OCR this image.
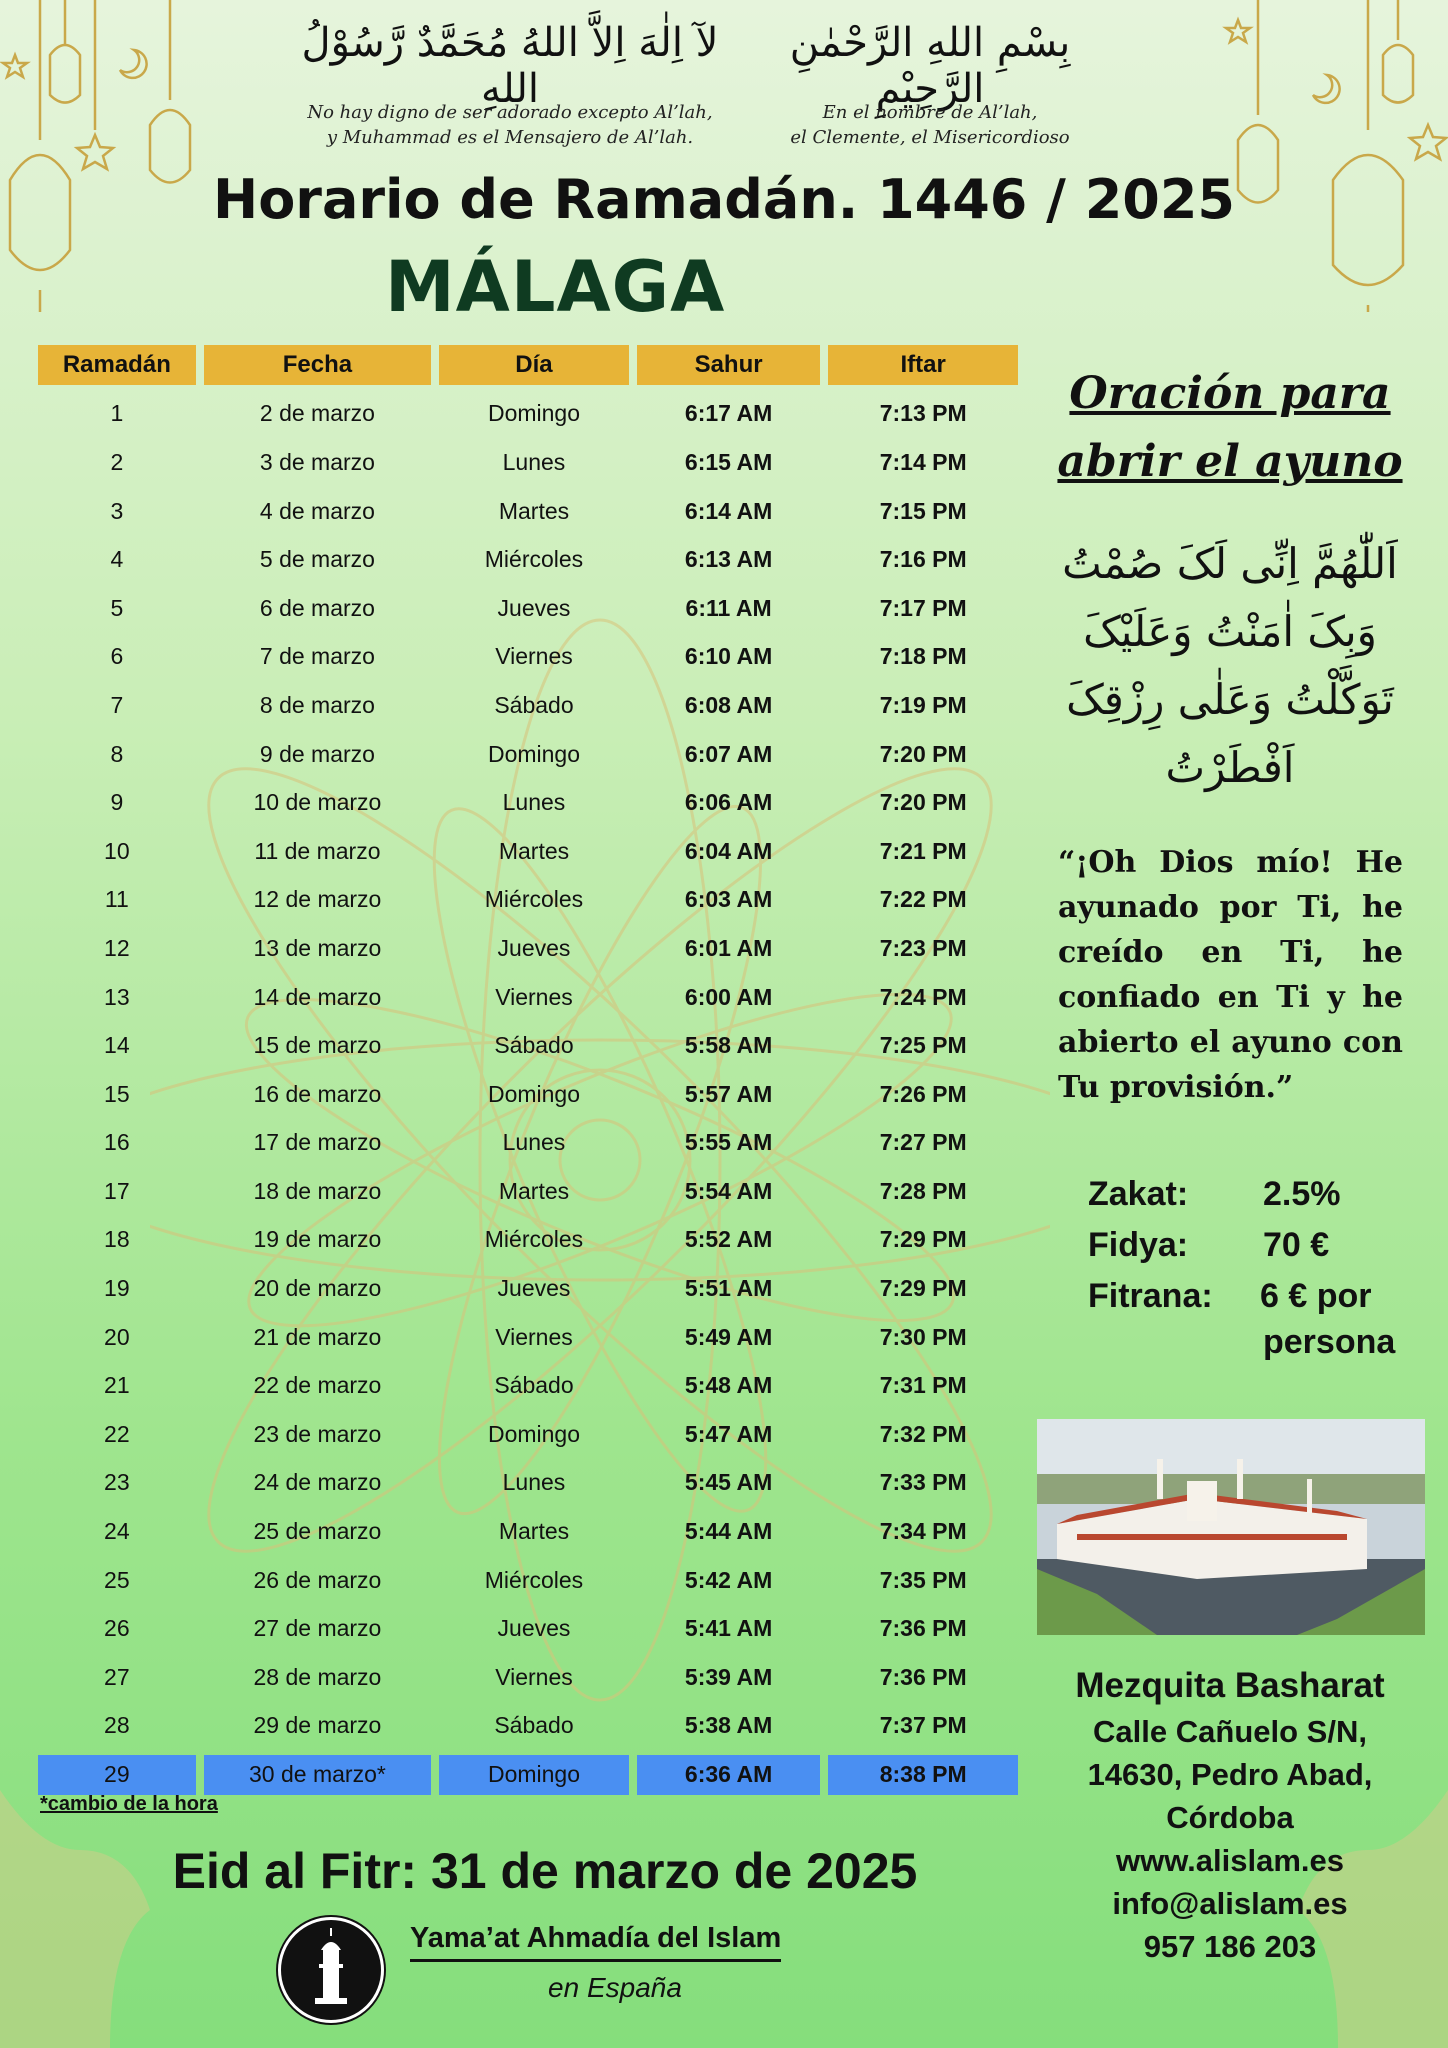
لآ اِلٰهَ اِلاَّ اللهُ مُحَمَّدٌ رَّسُوْلُ اللهِ
بِسْمِ اللهِ الرَّحْمٰنِ الرَّحِيْمِ
No hay digno de ser adorado excepto Al’lah,
y Muhammad es el Mensajero de Al’lah.
En el nombre de Al’lah,
el Clemente, el Misericordioso
Horario de Ramadán. 1446 / 2025
MÁLAGA
Ramadán	Fecha	Día	Sahur	Iftar
1	2 de marzo	Domingo	6:17 AM	7:13 PM
2	3 de marzo	Lunes	6:15 AM	7:14 PM
3	4 de marzo	Martes	6:14 AM	7:15 PM
4	5 de marzo	Miércoles	6:13 AM	7:16 PM
5	6 de marzo	Jueves	6:11 AM	7:17 PM
6	7 de marzo	Viernes	6:10 AM	7:18 PM
7	8 de marzo	Sábado	6:08 AM	7:19 PM
8	9 de marzo	Domingo	6:07 AM	7:20 PM
9	10 de marzo	Lunes	6:06 AM	7:20 PM
10	11 de marzo	Martes	6:04 AM	7:21 PM
11	12 de marzo	Miércoles	6:03 AM	7:22 PM
12	13 de marzo	Jueves	6:01 AM	7:23 PM
13	14 de marzo	Viernes	6:00 AM	7:24 PM
14	15 de marzo	Sábado	5:58 AM	7:25 PM
15	16 de marzo	Domingo	5:57 AM	7:26 PM
16	17 de marzo	Lunes	5:55 AM	7:27 PM
17	18 de marzo	Martes	5:54 AM	7:28 PM
18	19 de marzo	Miércoles	5:52 AM	7:29 PM
19	20 de marzo	Jueves	5:51 AM	7:29 PM
20	21 de marzo	Viernes	5:49 AM	7:30 PM
21	22 de marzo	Sábado	5:48 AM	7:31 PM
22	23 de marzo	Domingo	5:47 AM	7:32 PM
23	24 de marzo	Lunes	5:45 AM	7:33 PM
24	25 de marzo	Martes	5:44 AM	7:34 PM
25	26 de marzo	Miércoles	5:42 AM	7:35 PM
26	27 de marzo	Jueves	5:41 AM	7:36 PM
27	28 de marzo	Viernes	5:39 AM	7:36 PM
28	29 de marzo	Sábado	5:38 AM	7:37 PM
29	30 de marzo*	Domingo	6:36 AM	8:38 PM
*cambio de la hora
Eid al Fitr: 31 de marzo de 2025
Yama’at Ahmadía del Islam
en España
Oración para
abrir el ayuno
اَللّٰهُمَّ اِنِّی لَکَ صُمْتُ
وَبِکَ اٰمَنْتُ وَعَلَیْکَ
تَوَکَّلْتُ وَعَلٰی رِزْقِکَ
اَفْطَرْتُ
“¡Oh Dios mío! He ayunado por Ti, he creído en Ti, he confiado en Ti y he abierto el ayuno con Tu provisión.”
Zakat: 2.5%
Fidya: 70 €
Fitrana: 6 € por
persona
Mezquita Basharat
Calle Cañuelo S/N,
14630, Pedro Abad,
Córdoba
www.alislam.es
info@alislam.es
957 186 203
